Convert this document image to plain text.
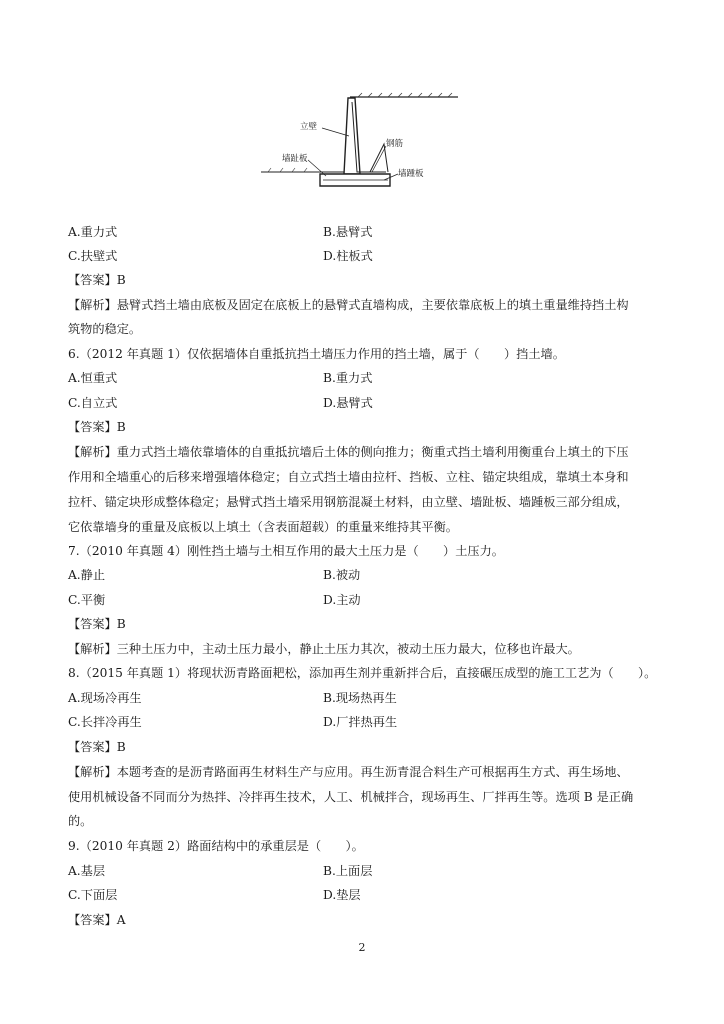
立壁
钢筋
墙趾板
墙踵板
A.重力式	B.悬臂式
C.扶壁式	D.柱板式
【答案】B
【解析】悬臂式挡土墙由底板及固定在底板上的悬臂式直墙构成，主要依靠底板上的填土重量维持挡土构
筑物的稳定。
6.（2012 年真题 1）仅依据墙体自重抵抗挡土墙压力作用的挡土墙，属于（　　）挡土墙。
A.恒重式	B.重力式
C.自立式	D.悬臂式
【答案】B
【解析】重力式挡土墙依靠墙体的自重抵抗墙后土体的侧向推力；衡重式挡土墙利用衡重台上填土的下压
作用和全墙重心的后移来增强墙体稳定；自立式挡土墙由拉杆、挡板、立柱、锚定块组成，靠填土本身和
拉杆、锚定块形成整体稳定；悬臂式挡土墙采用钢筋混凝土材料，由立壁、墙趾板、墙踵板三部分组成，
它依靠墙身的重量及底板以上填土（含表面超载）的重量来维持其平衡。
7.（2010 年真题 4）刚性挡土墙与土相互作用的最大土压力是（　　）土压力。
A.静止	B.被动
C.平衡	D.主动
【答案】B
【解析】三种土压力中，主动土压力最小，静止土压力其次，被动土压力最大，位移也许最大。
8.（2015 年真题 1）将现状沥青路面耙松，添加再生剂并重新拌合后，直接碾压成型的施工工艺为（　　）。
A.现场冷再生	B.现场热再生
C.长拌冷再生	D.厂拌热再生
【答案】B
【解析】本题考查的是沥青路面再生材料生产与应用。再生沥青混合料生产可根据再生方式、再生场地、
使用机械设备不同而分为热拌、冷拌再生技术，人工、机械拌合，现场再生、厂拌再生等。选项 B 是正确
的。
9.（2010 年真题 2）路面结构中的承重层是（　　）。
A.基层	B.上面层
C.下面层	D.垫层
【答案】A
2
